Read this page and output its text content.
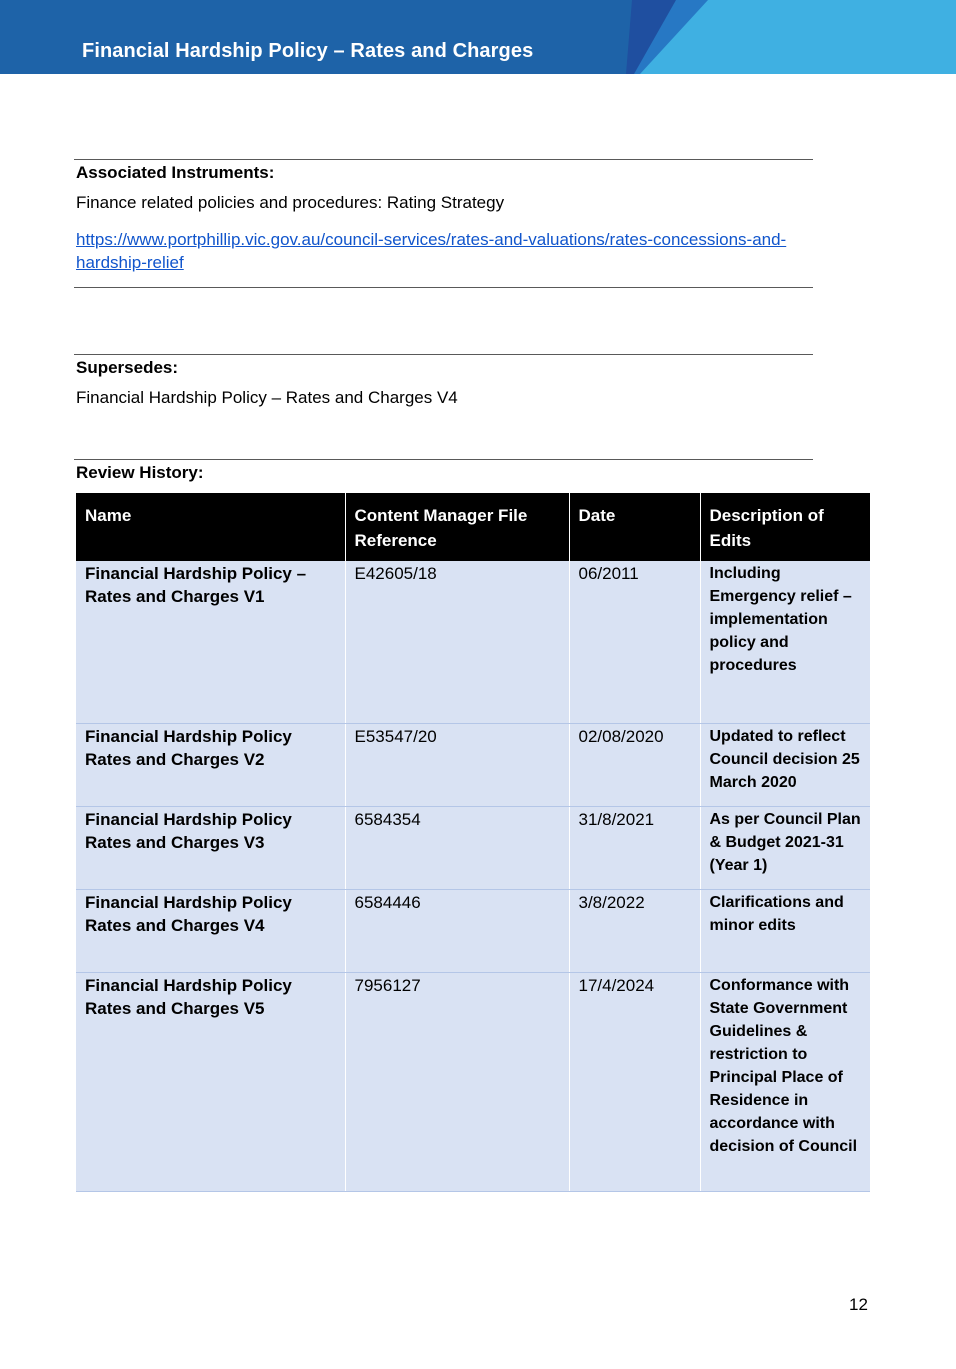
Financial Hardship Policy – Rates and Charges
Associated Instruments:
Finance related policies and procedures: Rating Strategy
https://www.portphillip.vic.gov.au/council-services/rates-and-valuations/rates-concessions-and-hardship-relief
Supersedes:
Financial Hardship Policy – Rates and Charges V4
Review History:
Name	Content Manager File Reference	Date	Description of Edits
Financial Hardship Policy – Rates and Charges V1	E42605/18	06/2011	Including Emergency relief – implementation policy and procedures
Financial Hardship Policy Rates and Charges V2	E53547/20	02/08/2020	Updated to reflect Council decision 25 March 2020
Financial Hardship Policy Rates and Charges V3	6584354	31/8/2021	As per Council Plan & Budget 2021-31 (Year 1)
Financial Hardship Policy Rates and Charges V4	6584446	3/8/2022	Clarifications and minor edits
Financial Hardship Policy Rates and Charges V5	7956127	17/4/2024	Conformance with State Government Guidelines & restriction to Principal Place of Residence in accordance with decision of Council
12
